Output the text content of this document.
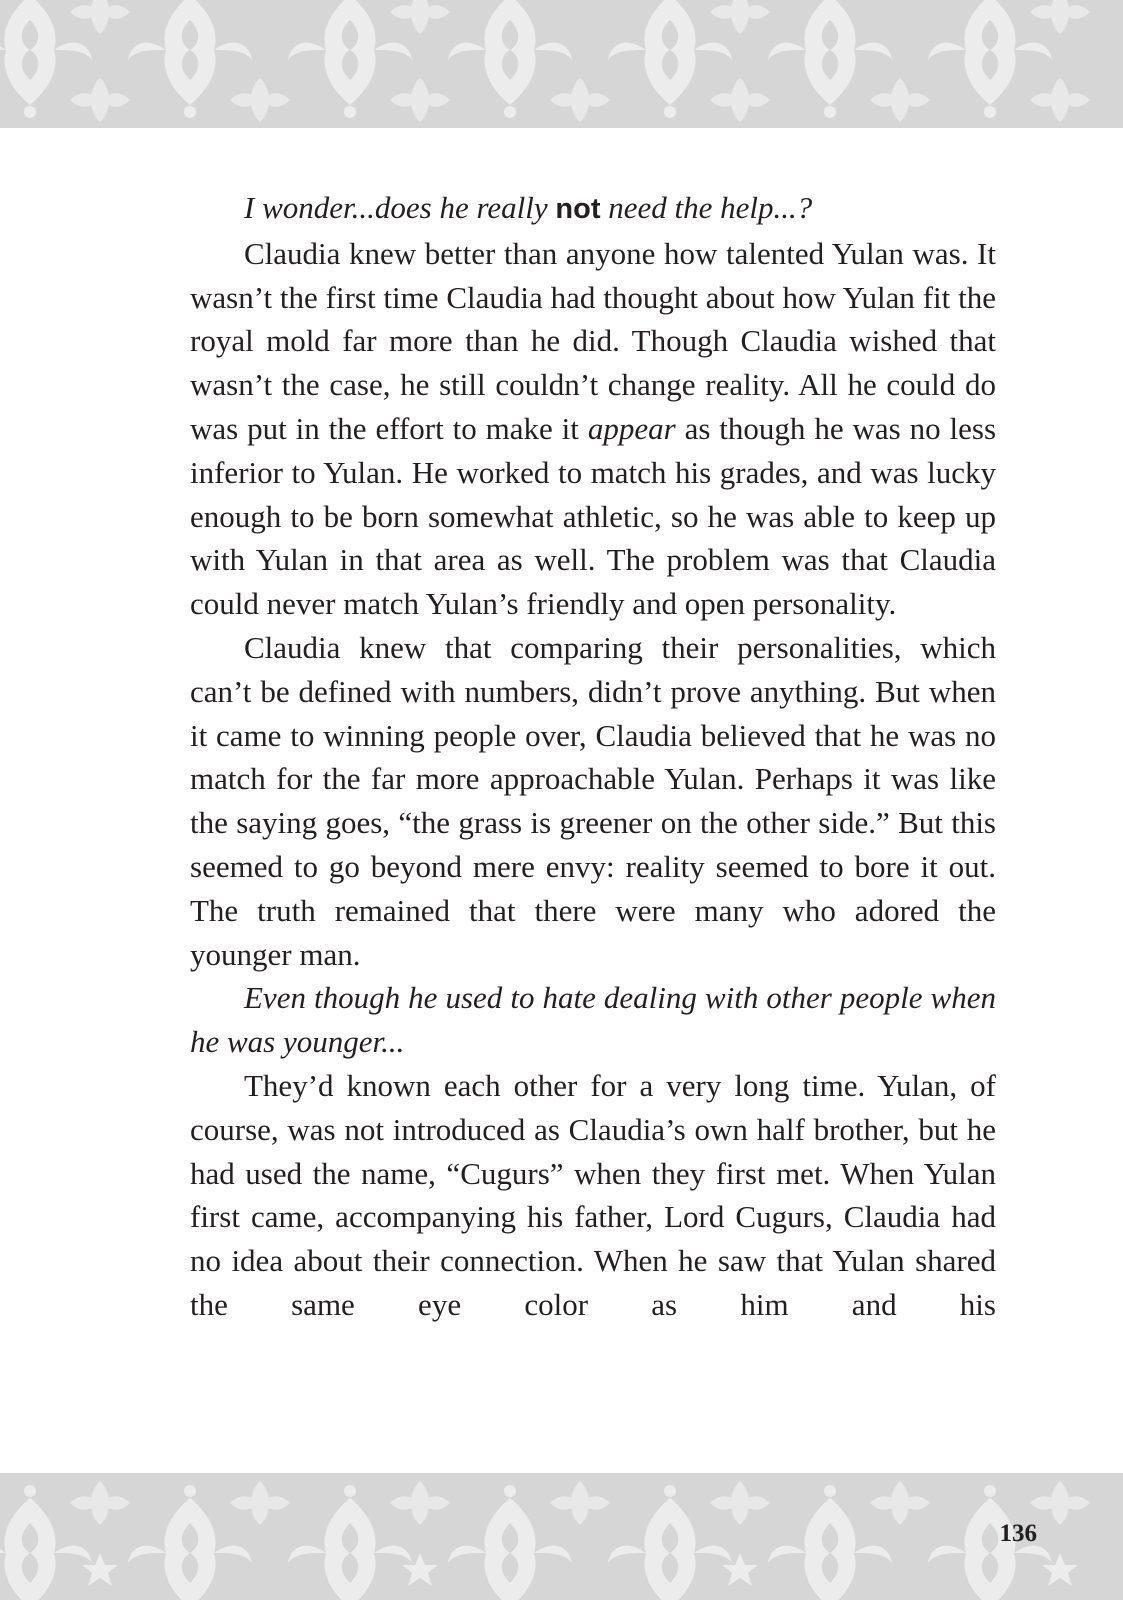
I wonder...does he really not need the help...?

Claudia knew better than anyone how talented Yulan was. It wasn’t the first time Claudia had thought about how Yulan fit the royal mold far more than he did. Though Claudia wished that wasn’t the case, he still couldn’t change reality. All he could do was put in the effort to make it appear as though he was no less inferior to Yulan. He worked to match his grades, and was lucky enough to be born somewhat athletic, so he was able to keep up with Yulan in that area as well. The problem was that Claudia could never match Yulan’s friendly and open personality.

Claudia knew that comparing their personalities, which can’t be defined with numbers, didn’t prove anything. But when it came to winning people over, Claudia believed that he was no match for the far more approachable Yulan. Perhaps it was like the saying goes, “the grass is greener on the other side.” But this seemed to go beyond mere envy: reality seemed to bore it out. The truth remained that there were many who adored the younger man.

Even though he used to hate dealing with other people when he was younger...

They’d known each other for a very long time. Yulan, of course, was not introduced as Claudia’s own half brother, but he had used the name, “Cugurs” when they first met. When Yulan first came, accompanying his father, Lord Cugurs, Claudia had no idea about their connection. When he saw that Yulan shared the same eye color as him and his

136
